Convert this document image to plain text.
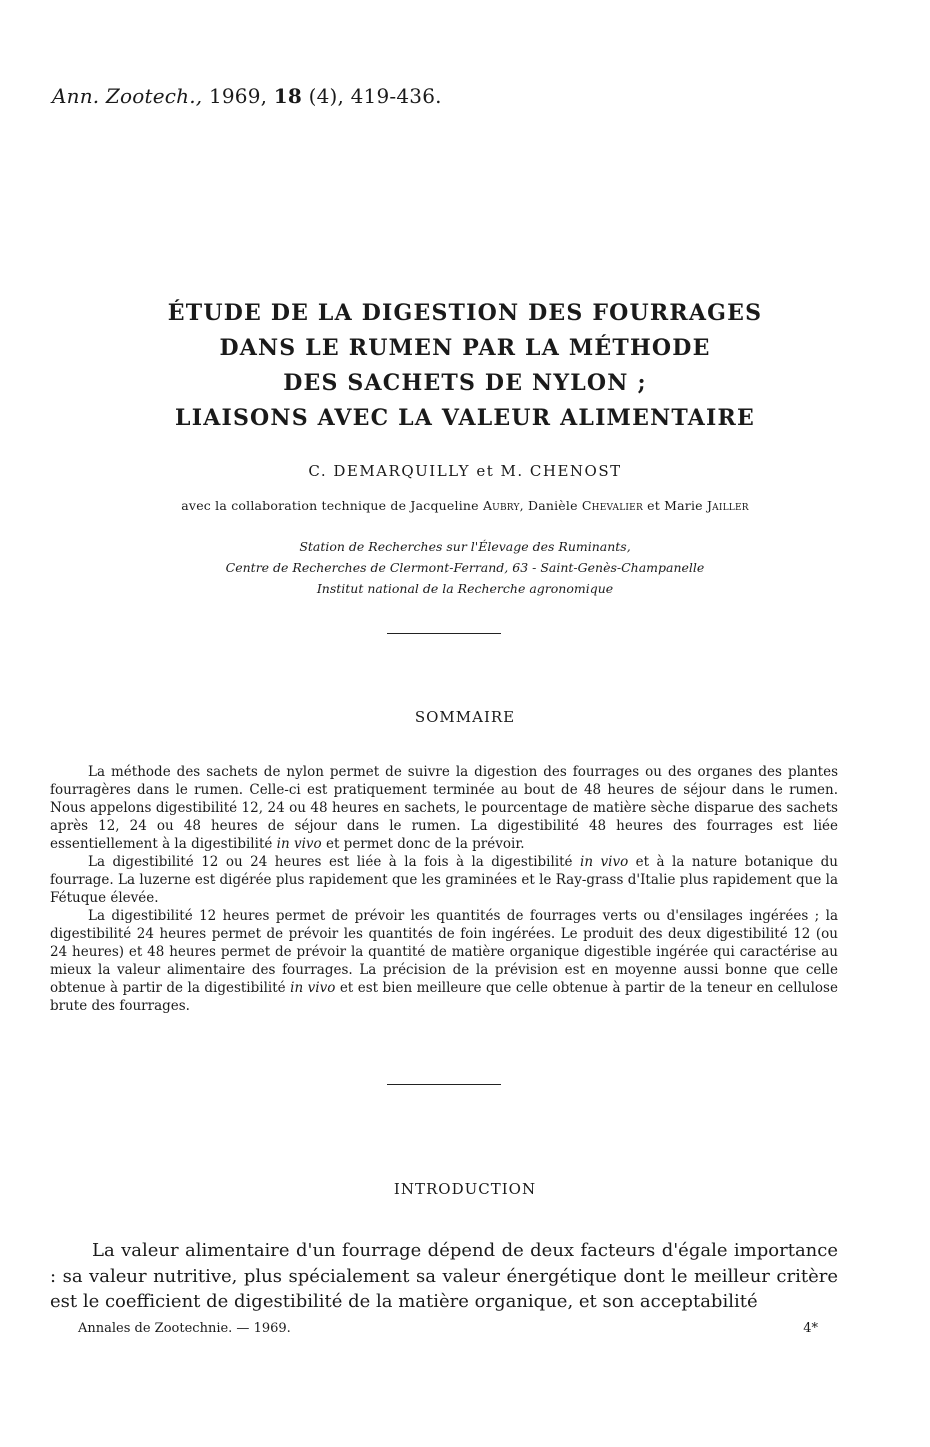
Ann. Zootech., 1969, 18 (4), 419-436.
ÉTUDE DE LA DIGESTION DES FOURRAGES
DANS LE RUMEN PAR LA MÉTHODE
DES SACHETS DE NYLON ;
LIAISONS AVEC LA VALEUR ALIMENTAIRE
C. DEMARQUILLY et M. CHENOST
avec la collaboration technique de Jacqueline Aubry, Danièle Chevalier et Marie Jailler
Station de Recherches sur l'Élevage des Ruminants,
Centre de Recherches de Clermont-Ferrand, 63 - Saint-Genès-Champanelle
Institut national de la Recherche agronomique
SOMMAIRE

La méthode des sachets de nylon permet de suivre la digestion des fourrages ou des organes des plantes fourragères dans le rumen. Celle-ci est pratiquement terminée au bout de 48 heures de séjour dans le rumen. Nous appelons digestibilité 12, 24 ou 48 heures en sachets, le pourcentage de matière sèche disparue des sachets après 12, 24 ou 48 heures de séjour dans le rumen. La digestibilité 48 heures des fourrages est liée essentiellement à la digestibilité in vivo et permet donc de la prévoir.

La digestibilité 12 ou 24 heures est liée à la fois à la digestibilité in vivo et à la nature botanique du fourrage. La luzerne est digérée plus rapidement que les graminées et le Ray-grass d'Italie plus rapidement que la Fétuque élevée.

La digestibilité 12 heures permet de prévoir les quantités de fourrages verts ou d'ensilages ingérées ; la digestibilité 24 heures permet de prévoir les quantités de foin ingérées. Le produit des deux digestibilité 12 (ou 24 heures) et 48 heures permet de prévoir la quantité de matière organique digestible ingérée qui caractérise au mieux la valeur alimentaire des fourrages. La précision de la prévision est en moyenne aussi bonne que celle obtenue à partir de la digestibilité in vivo et est bien meilleure que celle obtenue à partir de la teneur en cellulose brute des fourrages.

INTRODUCTION

La valeur alimentaire d'un fourrage dépend de deux facteurs d'égale importance : sa valeur nutritive, plus spécialement sa valeur énergétique dont le meilleur critère est le coefficient de digestibilité de la matière organique, et son acceptabilité

Annales de Zootechnie. — 1969.	4*
